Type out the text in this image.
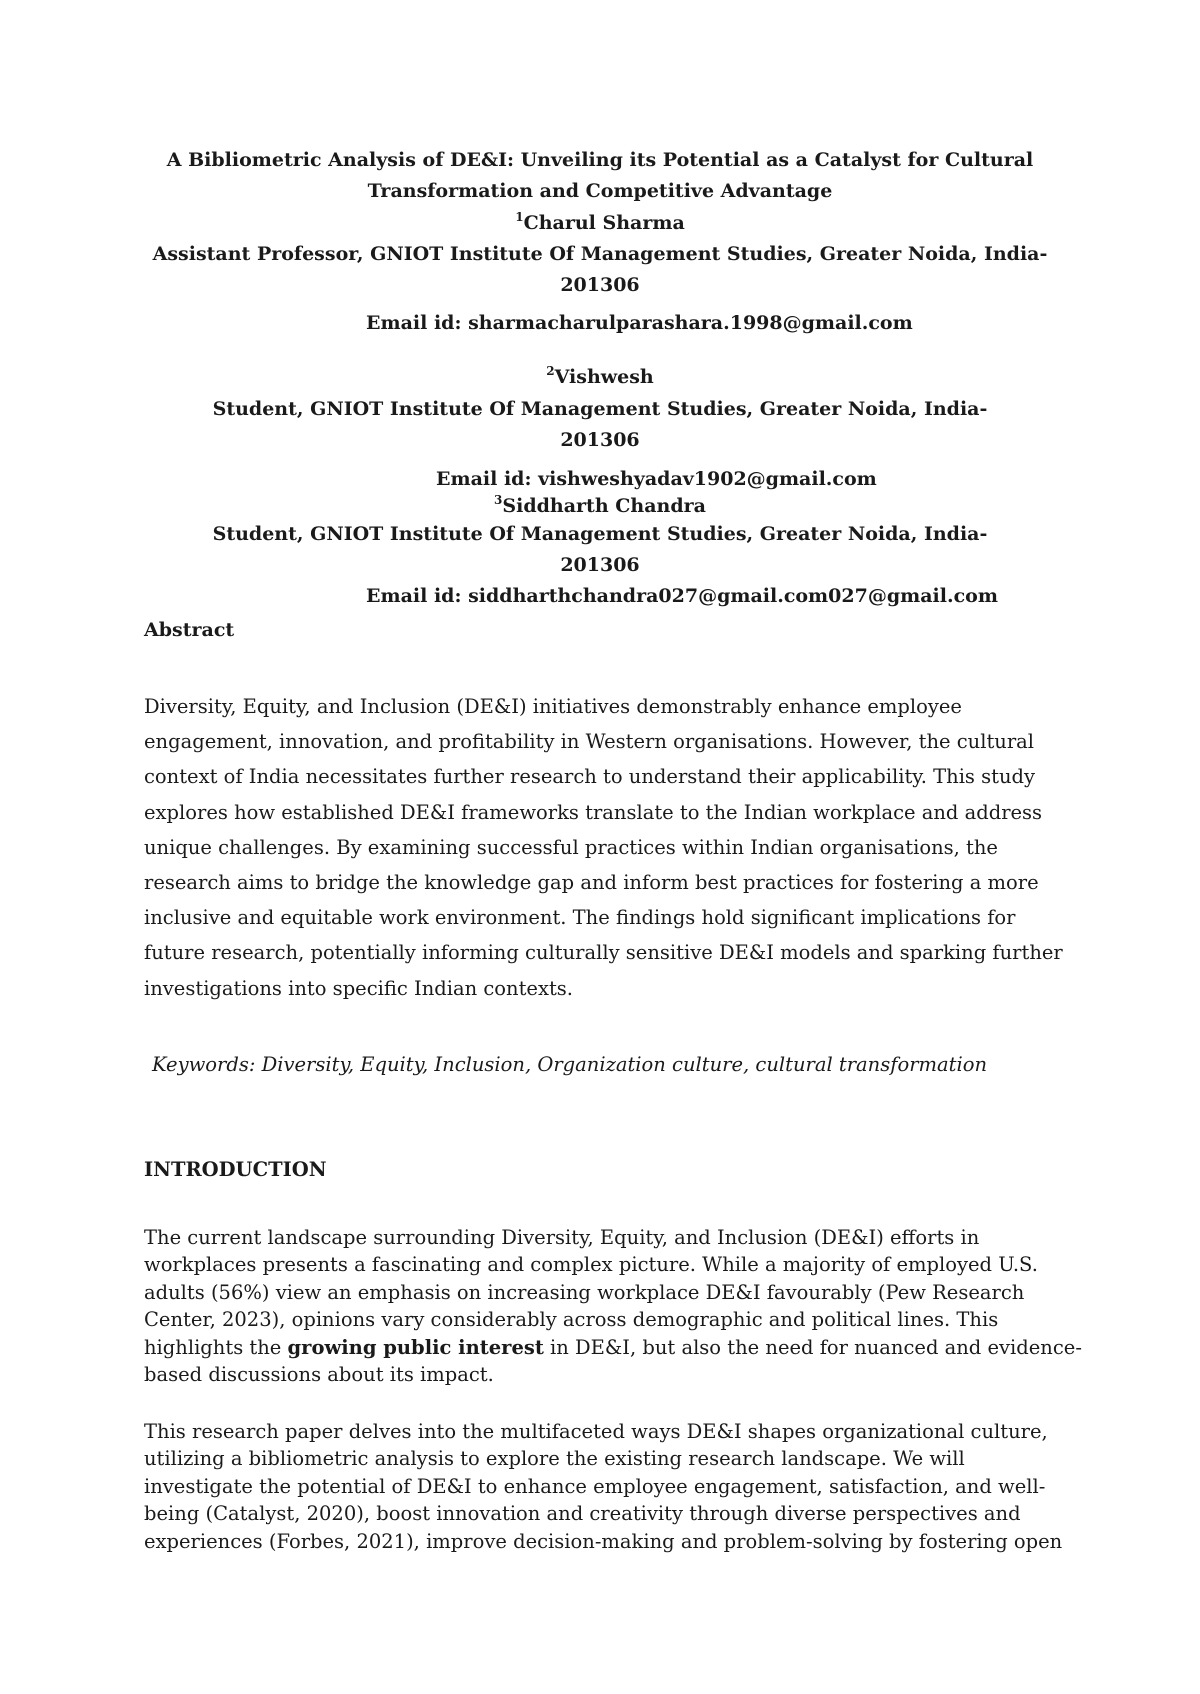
A Bibliometric Analysis of DE&I: Unveiling its Potential as a Catalyst for Cultural
Transformation and Competitive Advantage
$^1$Charul Sharma
Assistant Professor, GNIOT Institute Of Management Studies, Greater Noida, India-
201306
Email id: sharmacharulparashara.1998@gmail.com
$^2$Vishwesh
Student, GNIOT Institute Of Management Studies, Greater Noida, India-
201306
Email id: vishweshyadav1902@gmail.com
$^3$Siddharth Chandra
Student, GNIOT Institute Of Management Studies, Greater Noida, India-
201306
Email id: siddharthchandra027@gmail.com027@gmail.com
Abstract
Diversity, Equity, and Inclusion (DE&I) initiatives demonstrably enhance employee
engagement, innovation, and profitability in Western organisations. However, the cultural
context of India necessitates further research to understand their applicability. This study
explores how established DE&I frameworks translate to the Indian workplace and address
unique challenges. By examining successful practices within Indian organisations, the
research aims to bridge the knowledge gap and inform best practices for fostering a more
inclusive and equitable work environment. The findings hold significant implications for
future research, potentially informing culturally sensitive DE&I models and sparking further
investigations into specific Indian contexts.
Keywords: Diversity, Equity, Inclusion, Organization culture, cultural transformation
INTRODUCTION
The current landscape surrounding Diversity, Equity, and Inclusion (DE&I) efforts in
workplaces presents a fascinating and complex picture. While a majority of employed U.S.
adults (56%) view an emphasis on increasing workplace DE&I favourably (Pew Research
Center, 2023), opinions vary considerably across demographic and political lines. This
highlights the growing public interest in DE&I, but also the need for nuanced and evidence-
based discussions about its impact.
This research paper delves into the multifaceted ways DE&I shapes organizational culture,
utilizing a bibliometric analysis to explore the existing research landscape. We will
investigate the potential of DE&I to enhance employee engagement, satisfaction, and well-
being (Catalyst, 2020), boost innovation and creativity through diverse perspectives and
experiences (Forbes, 2021), improve decision-making and problem-solving by fostering open
